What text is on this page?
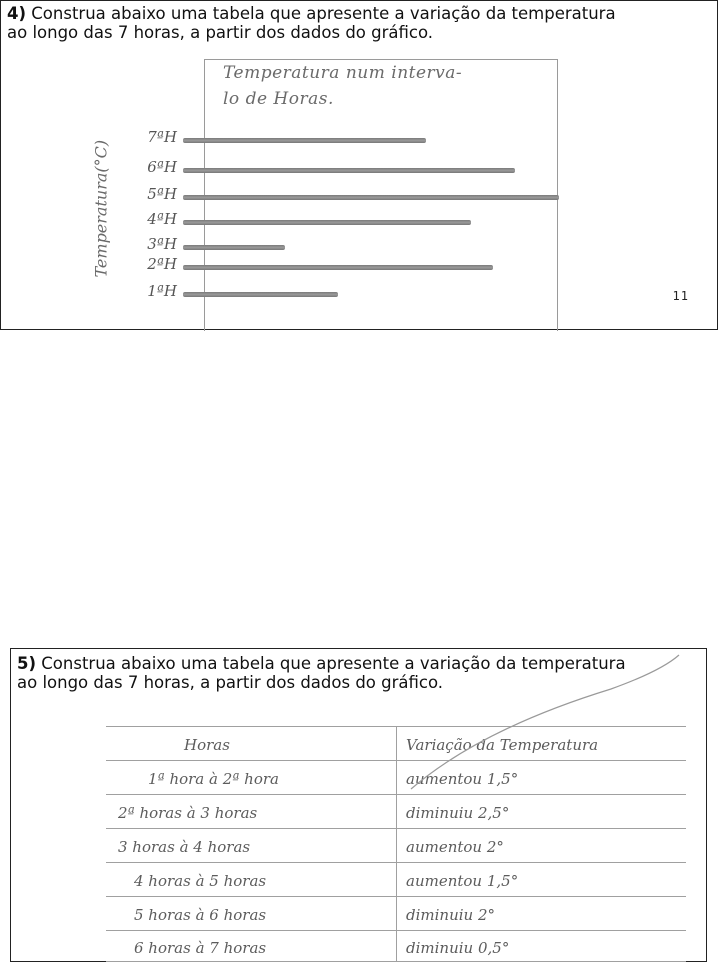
4) Construa abaixo uma tabela que apresente a variação da temperatura
ao longo das 7 horas, a partir dos dados do gráfico.
Temperatura num interva-
lo de Horas.
Temperatura(°C)
7ªH
6ªH
5ªH
4ªH
3ªH
2ªH
1ªH	11
5) Construa abaixo uma tabela que apresente a variação da temperatura
ao longo das 7 horas, a partir dos dados do gráfico.
Horas	Variação da Temperatura
1ª hora à 2ª hora	aumentou 1,5°
2ª horas à 3 horas	diminuiu 2,5°
3 horas à 4 horas	aumentou 2°
4 horas à 5 horas	aumentou 1,5°
5 horas à 6 horas	diminuiu 2°
6 horas à 7 horas	diminuiu 0,5°
